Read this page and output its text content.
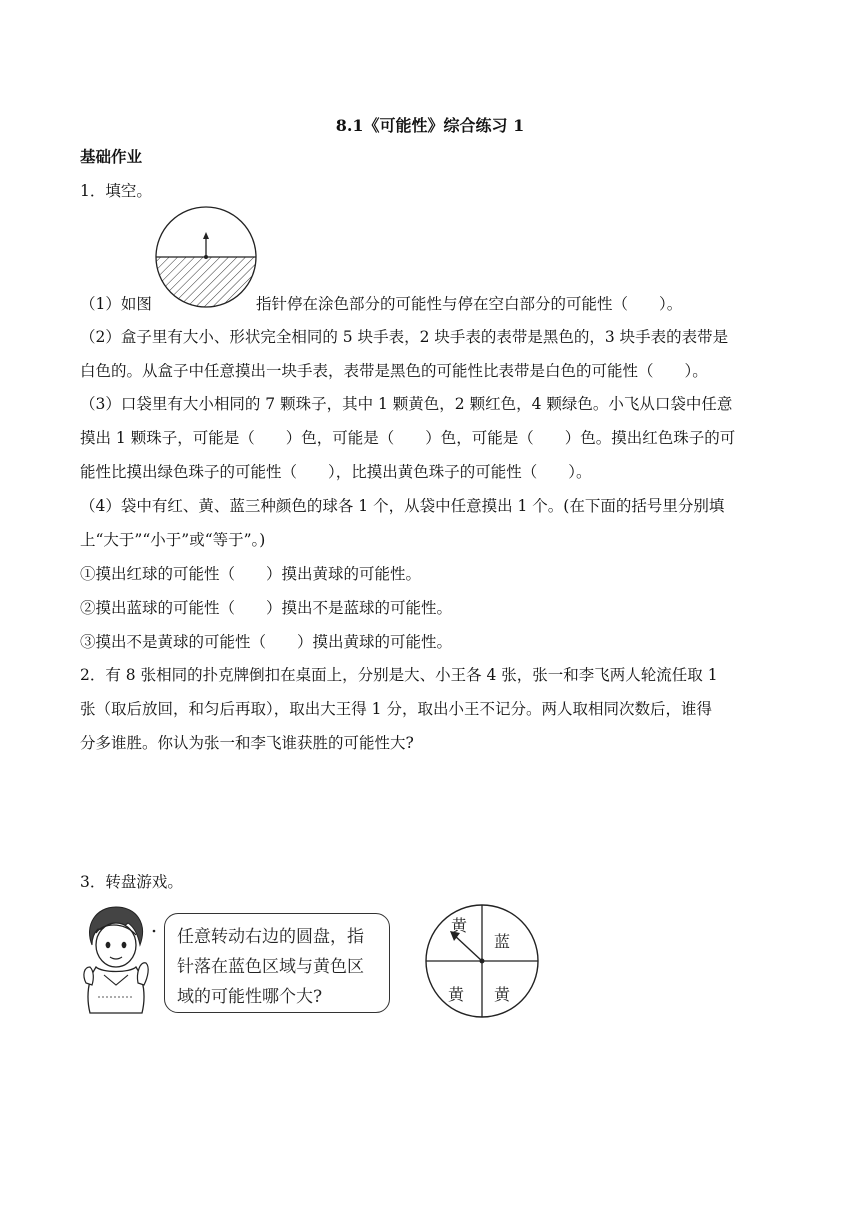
8.1《可能性》综合练习 1
基础作业
1．填空。
（1）如图	指针停在涂色部分的可能性与停在空白部分的可能性（　　）。
（2）盒子里有大小、形状完全相同的 5 块手表，2 块手表的表带是黑色的，3 块手表的表带是
白色的。从盒子中任意摸出一块手表，表带是黑色的可能性比表带是白色的可能性（　　）。
（3）口袋里有大小相同的 7 颗珠子，其中 1 颗黄色，2 颗红色，4 颗绿色。小飞从口袋中任意
摸出 1 颗珠子，可能是（　　）色，可能是（　　）色，可能是（　　）色。摸出红色珠子的可
能性比摸出绿色珠子的可能性（　　），比摸出黄色珠子的可能性（　　）。
（4）袋中有红、黄、蓝三种颜色的球各 1 个，从袋中任意摸出 1 个。(在下面的括号里分别填
上“大于”“小于”或“等于”。)
①摸出红球的可能性（　　）摸出黄球的可能性。
②摸出蓝球的可能性（　　）摸出不是蓝球的可能性。
③摸出不是黄球的可能性（　　）摸出黄球的可能性。
2．有 8 张相同的扑克牌倒扣在桌面上，分别是大、小王各 4 张，张一和李飞两人轮流任取 1
张（取后放回，和匀后再取），取出大王得 1 分，取出小王不记分。两人取相同次数后，谁得
分多谁胜。你认为张一和李飞谁获胜的可能性大?
3．转盘游戏。
任意转动右边的圆盘，指
针落在蓝色区域与黄色区
域的可能性哪个大?
黄
蓝
黄 黄
